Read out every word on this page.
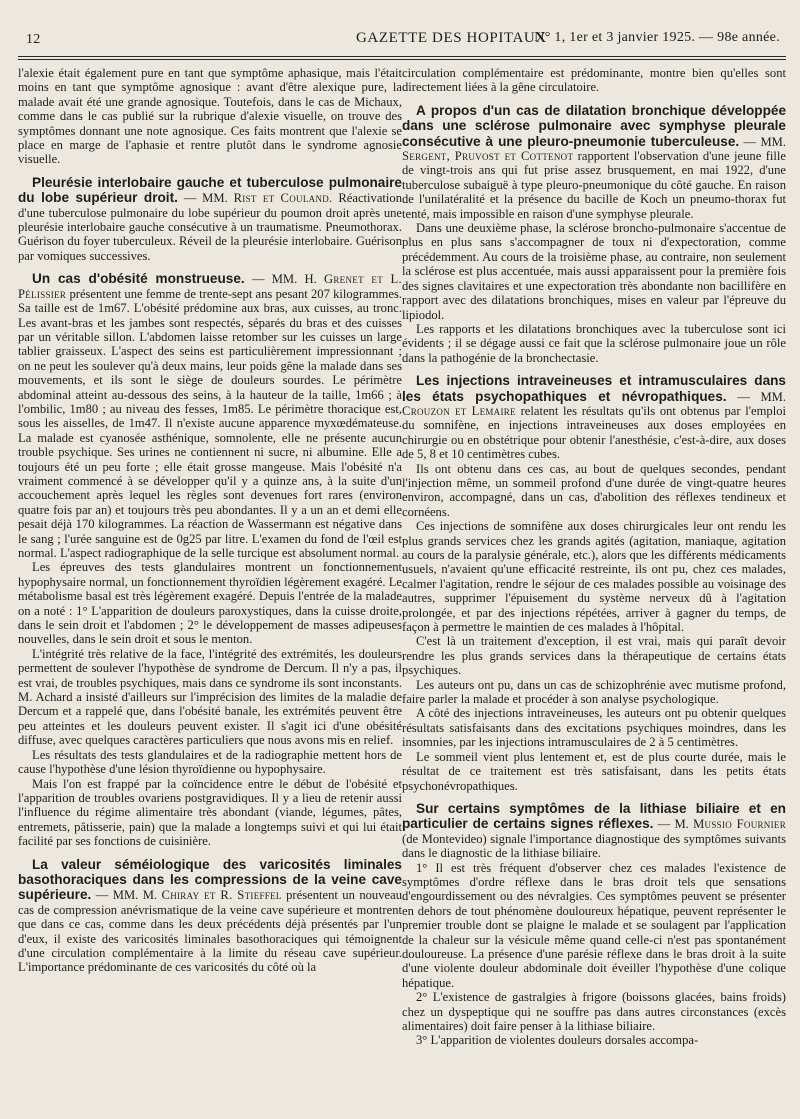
12	GAZETTE DES HOPITAUX
N° 1, 1er et 3 janvier 1925. — 98e année.

l'alexie était également pure en tant que symptôme aphasique, mais l'était moins en tant que symptôme agnosique : avant d'être alexique pure, la malade avait été une grande agnosique. Toutefois, dans le cas de Michaux, comme dans le cas publié sur la rubrique d'alexie visuelle, on trouve des symptômes donnant une note agnosique. Ces faits montrent que l'alexie se place en marge de l'aphasie et rentre plutôt dans le syndrome agnosie visuelle.

Pleurésie interlobaire gauche et tuberculose pulmonaire du lobe supérieur droit. — MM. Rist et Couland. Réactivation d'une tuberculose pulmonaire du lobe supérieur du poumon droit après une pleurésie interlobaire gauche consécutive à un traumatisme. Pneumothorax. Guérison du foyer tuberculeux. Réveil de la pleurésie interlobaire. Guérison par vomiques successives.

Un cas d'obésité monstrueuse. — MM. H. Grenet et L. Pélissier présentent une femme de trente-sept ans pesant 207 kilogrammes. Sa taille est de 1m67. L'obésité prédomine aux bras, aux cuisses, au tronc. Les avant-bras et les jambes sont respectés, séparés du bras et des cuisses par un véritable sillon. L'abdomen laisse retomber sur les cuisses un large tablier graisseux. L'aspect des seins est particulièrement impressionnant ; on ne peut les soulever qu'à deux mains, leur poids gêne la malade dans ses mouvements, et ils sont le siège de douleurs sourdes. Le périmètre abdominal atteint au-dessous des seins, à la hauteur de la taille, 1m66 ; à l'ombilic, 1m80 ; au niveau des fesses, 1m85. Le périmètre thoracique est, sous les aisselles, de 1m47. Il n'existe aucune apparence myxœdémateuse. La malade est cyanosée asthénique, somnolente, elle ne présente aucun trouble psychique. Ses urines ne contiennent ni sucre, ni albumine. Elle a toujours été un peu forte ; elle était grosse mangeuse. Mais l'obésité n'a vraiment commencé à se développer qu'il y a quinze ans, à la suite d'un accouchement après lequel les règles sont devenues fort rares (environ quatre fois par an) et toujours très peu abondantes. Il y a un an et demi elle pesait déjà 170 kilogrammes. La réaction de Wassermann est négative dans le sang ; l'urée sanguine est de 0g25 par litre. L'examen du fond de l'œil est normal. L'aspect radiographique de la selle turcique est absolument normal.

Les épreuves des tests glandulaires montrent un fonctionnement hypophysaire normal, un fonctionnement thyroïdien légèrement exagéré. Le métabolisme basal est très légèrement exagéré. Depuis l'entrée de la malade on a noté : 1° L'apparition de douleurs paroxystiques, dans la cuisse droite, dans le sein droit et l'abdomen ; 2° le développement de masses adipeuses nouvelles, dans le sein droit et sous le menton.

L'intégrité très relative de la face, l'intégrité des extrémités, les douleurs permettent de soulever l'hypothèse de syndrome de Dercum. Il n'y a pas, il est vrai, de troubles psychiques, mais dans ce syndrome ils sont inconstants. M. Achard a insisté d'ailleurs sur l'imprécision des limites de la maladie de Dercum et a rappelé que, dans l'obésité banale, les extrémités peuvent être peu atteintes et les douleurs peuvent exister. Il s'agit ici d'une obésité diffuse, avec quelques caractères particuliers que nous avons mis en relief.

Les résultats des tests glandulaires et de la radiographie mettent hors de cause l'hypothèse d'une lésion thyroïdienne ou hypophysaire.

Mais l'on est frappé par la coïncidence entre le début de l'obésité et l'apparition de troubles ovariens postgravidiques. Il y a lieu de retenir aussi l'influence du régime alimentaire très abondant (viande, légumes, pâtes, entremets, pâtisserie, pain) que la malade a longtemps suivi et qui lui était facilité par ses fonctions de cuisinière.

La valeur séméiologique des varicosités liminales basothoraciques dans les compressions de la veine cave supérieure. — MM. M. Chiray et R. Stieffel présentent un nouveau cas de compression anévrismatique de la veine cave supérieure et montrent que dans ce cas, comme dans les deux précédents déjà présentés par l'un d'eux, il existe des varicosités liminales basothoraciques qui témoignent d'une circulation complémentaire à la limite du réseau cave supérieur. L'importance prédominante de ces varicosités du côté où la

circulation complémentaire est prédominante, montre bien qu'elles sont directement liées à la gêne circulatoire.

A propos d'un cas de dilatation bronchique développée dans une sclérose pulmonaire avec symphyse pleurale consécutive à une pleuro-pneumonie tuberculeuse. — MM. Sergent, Pruvost et Cottenot rapportent l'observation d'une jeune fille de vingt-trois ans qui fut prise assez brusquement, en mai 1922, d'une tuberculose subaiguë à type pleuro-pneumonique du côté gauche. En raison de l'unilatéralité et la présence du bacille de Koch un pneumo-thorax fut tenté, mais impossible en raison d'une symphyse pleurale.

Dans une deuxième phase, la sclérose broncho-pulmonaire s'accentue de plus en plus sans s'accompagner de toux ni d'expectoration, comme précédemment. Au cours de la troisième phase, au contraire, non seulement la sclérose est plus accentuée, mais aussi apparaissent pour la première fois des signes clavitaires et une expectoration très abondante non bacillifère en rapport avec des dilatations bronchiques, mises en valeur par l'épreuve du lipiodol.

Les rapports et les dilatations bronchiques avec la tuberculose sont ici évidents ; il se dégage aussi ce fait que la sclérose pulmonaire joue un rôle dans la pathogénie de la bronchectasie.

Les injections intraveineuses et intramusculaires dans les états psychopathiques et névropathiques. — MM. Crouzon et Lemaire relatent les résultats qu'ils ont obtenus par l'emploi du somnifène, en injections intraveineuses aux doses employées en chirurgie ou en obstétrique pour obtenir l'anesthésie, c'est-à-dire, aux doses de 5, 8 et 10 centimètres cubes.

Ils ont obtenu dans ces cas, au bout de quelques secondes, pendant l'injection même, un sommeil profond d'une durée de vingt-quatre heures environ, accompagné, dans un cas, d'abolition des réflexes tendineux et cornéens.

Ces injections de somnifène aux doses chirurgicales leur ont rendu les plus grands services chez les grands agités (agitation, maniaque, agitation au cours de la paralysie générale, etc.), alors que les différents médicaments usuels, n'avaient qu'une efficacité restreinte, ils ont pu, chez ces malades, calmer l'agitation, rendre le séjour de ces malades possible au voisinage des autres, supprimer l'épuisement du système nerveux dû à l'agitation prolongée, et par des injections répétées, arriver à gagner du temps, de façon à permettre le maintien de ces malades à l'hôpital.

C'est là un traitement d'exception, il est vrai, mais qui paraît devoir rendre les plus grands services dans la thérapeutique de certains états psychiques.

Les auteurs ont pu, dans un cas de schizophrénie avec mutisme profond, faire parler la malade et procéder à son analyse psychologique.

A côté des injections intraveineuses, les auteurs ont pu obtenir quelques résultats satisfaisants dans des excitations psychiques moindres, dans les insomnies, par les injections intramusculaires de 2 à 5 centimètres.

Le sommeil vient plus lentement et, est de plus courte durée, mais le résultat de ce traitement est très satisfaisant, dans les petits états psychonévropathiques.

Sur certains symptômes de la lithiase biliaire et en particulier de certains signes réflexes. — M. Mussio Fournier (de Montevideo) signale l'importance diagnostique des symptômes suivants dans le diagnostic de la lithiase biliaire.

1° Il est très fréquent d'observer chez ces malades l'existence de symptômes d'ordre réflexe dans le bras droit tels que sensations d'engourdissement ou des névralgies. Ces symptômes peuvent se présenter en dehors de tout phénomène douloureux hépatique, peuvent représenter le premier trouble dont se plaigne le malade et se soulagent par l'application de la chaleur sur la vésicule même quand celle-ci n'est pas spontanément douloureuse. La présence d'une parésie réflexe dans le bras droit à la suite d'une violente douleur abdominale doit éveiller l'hypothèse d'une colique hépatique.

2° L'existence de gastralgies à frigore (boissons glacées, bains froids) chez un dyspeptique qui ne souffre pas dans autres circonstances (excès alimentaires) doit faire penser à la lithiase biliaire.

3° L'apparition de violentes douleurs dorsales accompa-
